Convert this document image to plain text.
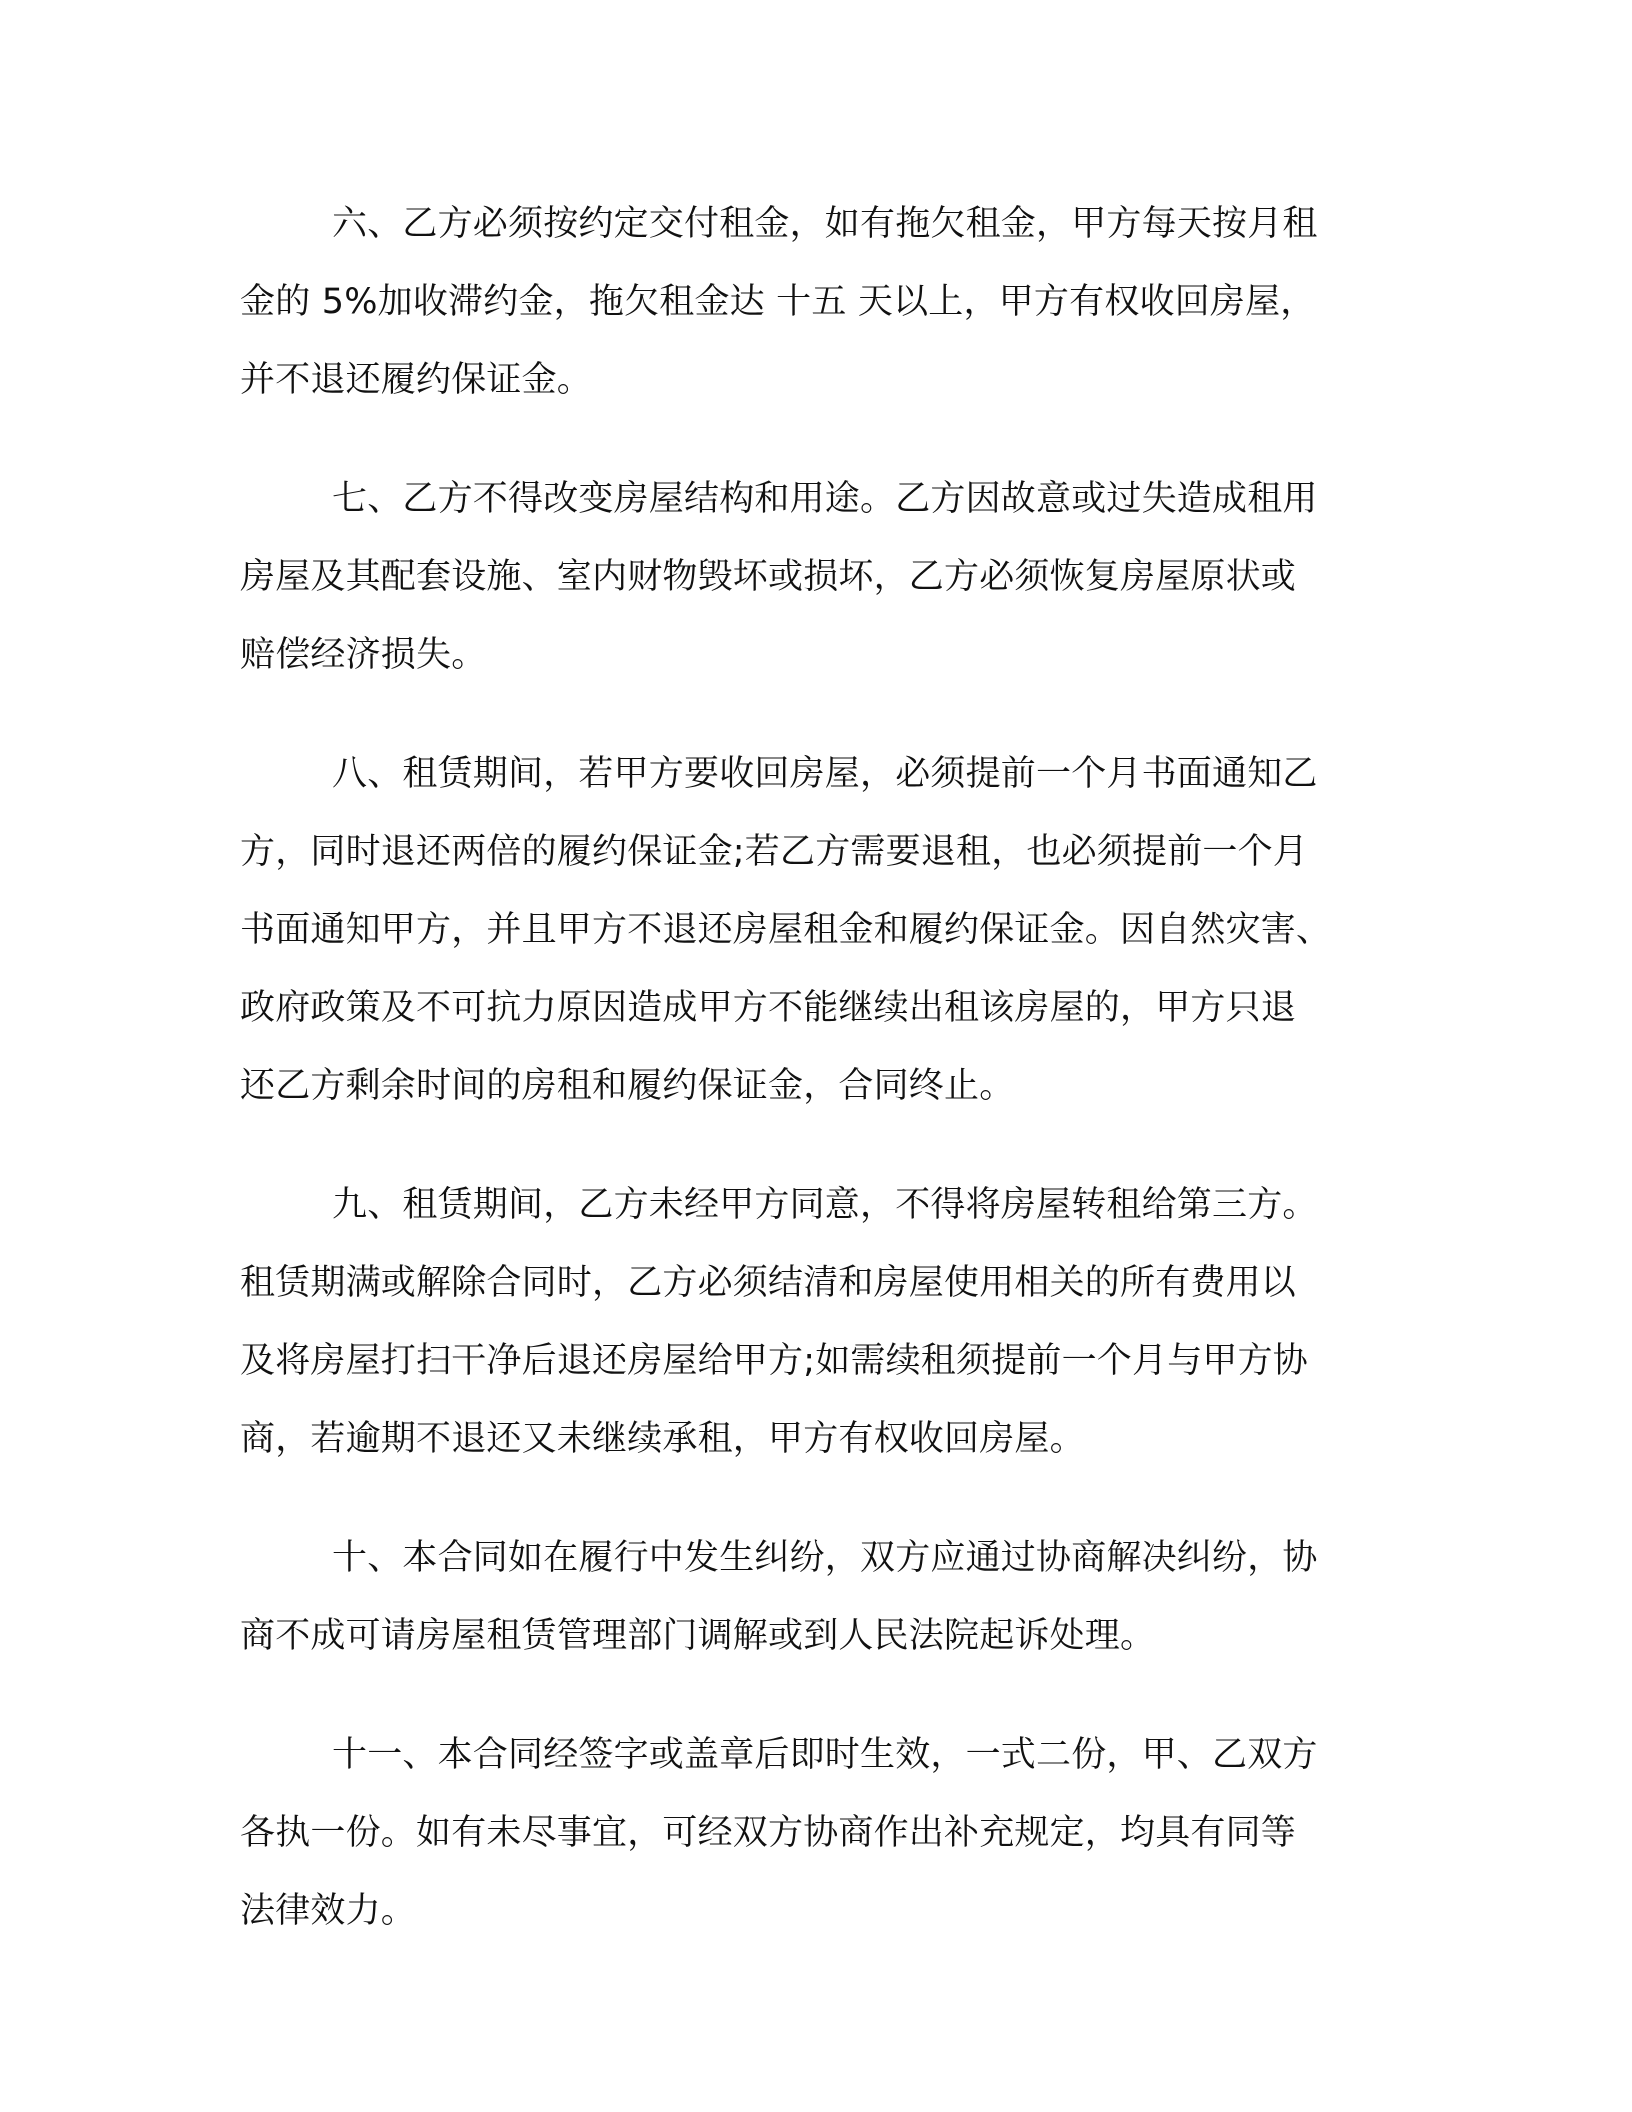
六、乙方必须按约定交付租金，如有拖欠租金，甲方每天按月租
金的 5%加收滞约金，拖欠租金达 十五 天以上，甲方有权收回房屋，
并不退还履约保证金。
七、乙方不得改变房屋结构和用途。乙方因故意或过失造成租用
房屋及其配套设施、室内财物毁坏或损坏，乙方必须恢复房屋原状或
赔偿经济损失。
八、租赁期间，若甲方要收回房屋，必须提前一个月书面通知乙
方，同时退还两倍的履约保证金;若乙方需要退租，也必须提前一个月
书面通知甲方，并且甲方不退还房屋租金和履约保证金。因自然灾害、
政府政策及不可抗力原因造成甲方不能继续出租该房屋的，甲方只退
还乙方剩余时间的房租和履约保证金，合同终止。
九、租赁期间，乙方未经甲方同意，不得将房屋转租给第三方。
租赁期满或解除合同时，乙方必须结清和房屋使用相关的所有费用以
及将房屋打扫干净后退还房屋给甲方;如需续租须提前一个月与甲方协
商，若逾期不退还又未继续承租，甲方有权收回房屋。
十、本合同如在履行中发生纠纷，双方应通过协商解决纠纷，协
商不成可请房屋租赁管理部门调解或到人民法院起诉处理。
十一、本合同经签字或盖章后即时生效，一式二份，甲、乙双方
各执一份。如有未尽事宜，可经双方协商作出补充规定，均具有同等
法律效力。
